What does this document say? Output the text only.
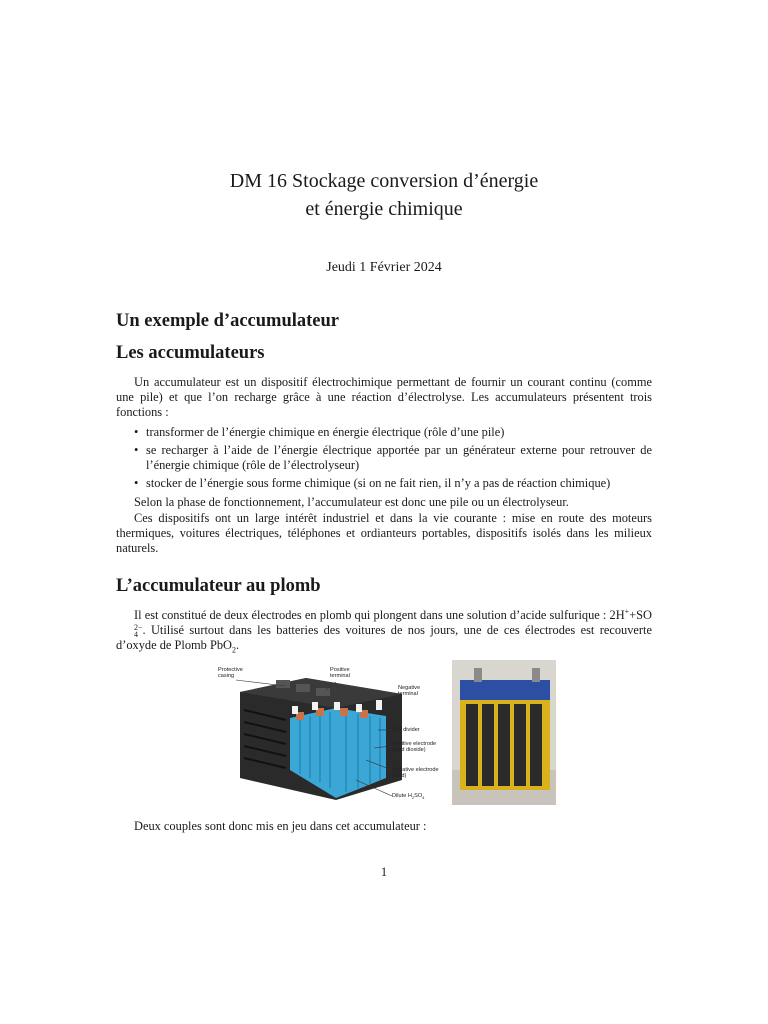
DM 16 Stockage conversion d’énergie
et énergie chimique
Jeudi 1 Février 2024
Un exemple d’accumulateur
Les accumulateurs

Un accumulateur est un dispositif électrochimique permettant de fournir un courant continu (comme une pile) et que l’on recharge grâce à une réaction d’électrolyse. Les accumulateurs présentent trois fonctions :

• transformer de l’énergie chimique en énergie électrique (rôle d’une pile)
• se recharger à l’aide de l’énergie électrique apportée par un générateur externe pour retrouver de l’énergie chimique (rôle de l’électrolyseur)
• stocker de l’énergie sous forme chimique (si on ne fait rien, il n’y a pas de réaction chimique)

Selon la phase de fonctionnement, l’accumulateur est donc une pile ou un électrolyseur.

Ces dispositifs ont un large intérêt industriel et dans la vie courante : mise en route des moteurs thermiques, voitures électriques, téléphones et ordianteurs portables, dispositifs isolés dans les milieux naturels.

L’accumulateur au plomb

Il est constitué de deux électrodes en plomb qui plongent dans une solution d’acide sulfurique : 2H++SO
2−
4 . Utilisé surtout dans les batteries des voitures de nos jours, une de ces électrodes est recouverte d’oxyde de Plomb PbO$_2$.

Protective casing
Positive terminal
Negative terminal
Cell divider
Positive electrode (lead dioxide)
Negative electrode (lead)
Dilute $H_2SO_4$

Deux couples sont donc mis en jeu dans cet accumulateur :

1
